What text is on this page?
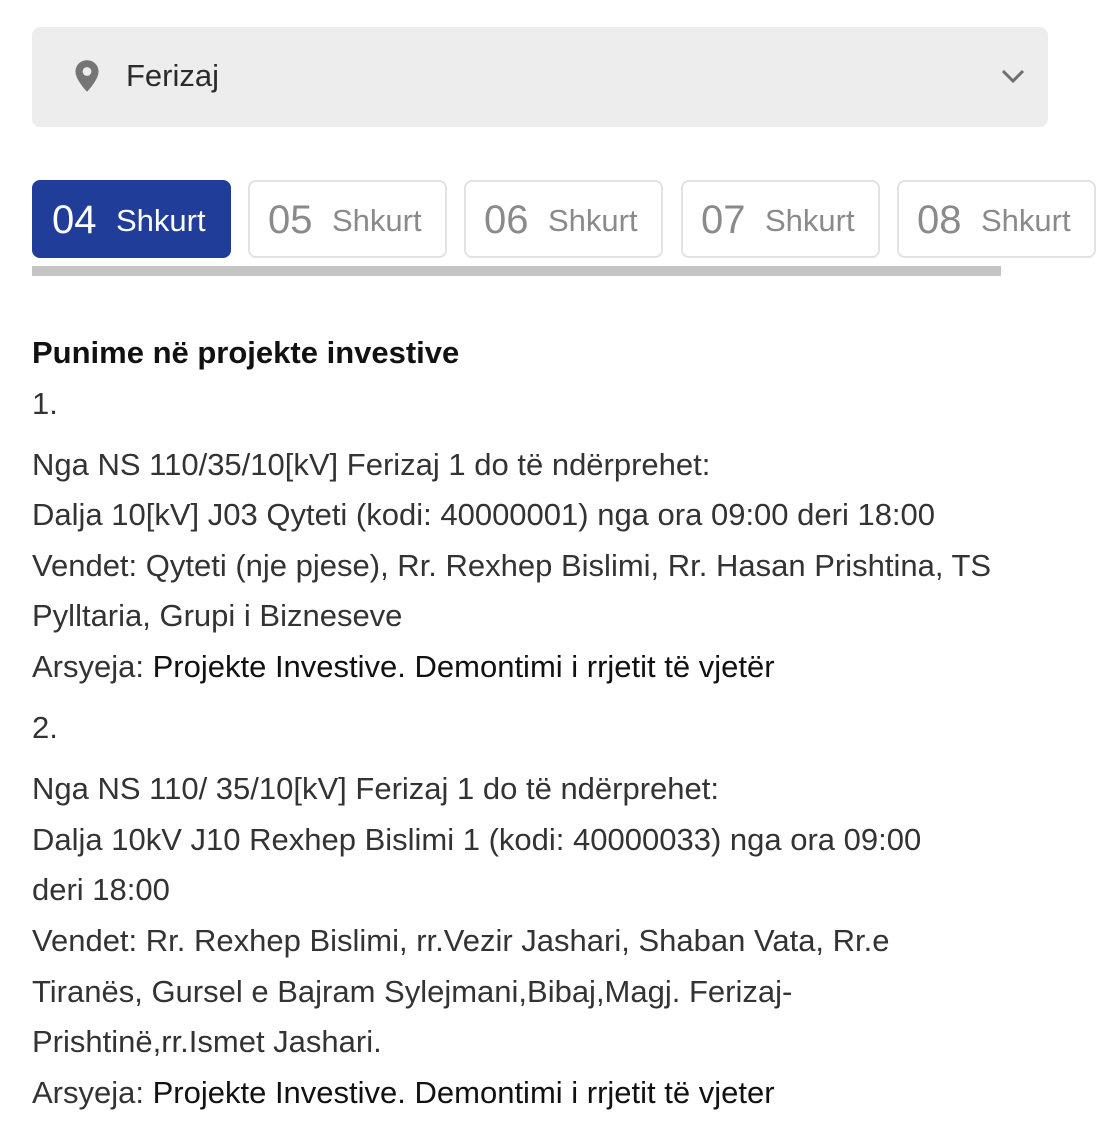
Ferizaj
04 Shkurt 05 Shkurt 06 Shkurt 07 Shkurt 08 Shkurt
Punime në projekte investive
1.
Nga NS 110/35/10[kV] Ferizaj 1 do të ndërprehet:
Dalja 10[kV] J03 Qyteti (kodi: 40000001) nga ora 09:00 deri 18:00
Vendet: Qyteti (nje pjese), Rr. Rexhep Bislimi, Rr. Hasan Prishtina, TS
Pylltaria, Grupi i Bizneseve
Arsyeja: Projekte Investive. Demontimi i rrjetit të vjetër
2.
Nga NS 110/ 35/10[kV] Ferizaj 1 do të ndërprehet:
Dalja 10kV J10 Rexhep Bislimi 1 (kodi: 40000033) nga ora 09:00
deri 18:00
Vendet: Rr. Rexhep Bislimi, rr.Vezir Jashari, Shaban Vata, Rr.e
Tiranës, Gursel e Bajram Sylejmani,Bibaj,Magj. Ferizaj-
Prishtinë,rr.Ismet Jashari.
Arsyeja: Projekte Investive. Demontimi i rrjetit të vjeter
